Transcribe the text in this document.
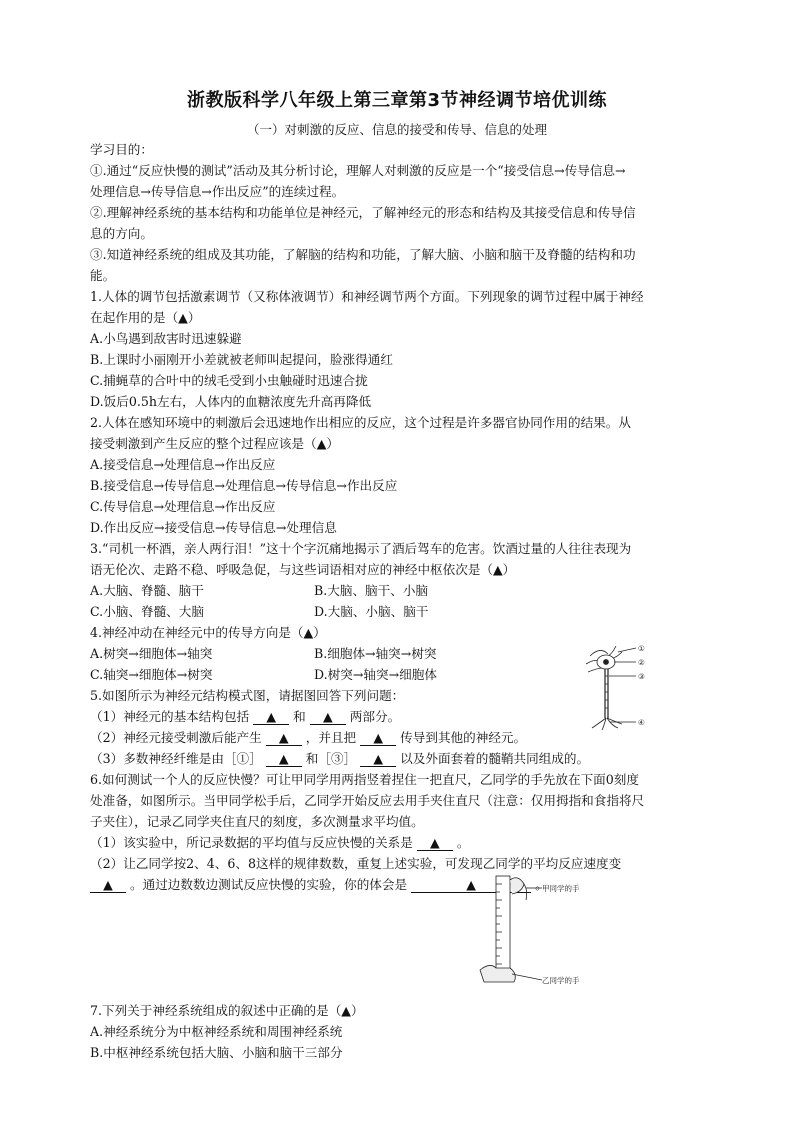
浙教版科学八年级上第三章第3节神经调节培优训练
（一）对刺激的反应、信息的接受和传导、信息的处理
学习目的：
①.通过“反应快慢的测试”活动及其分析讨论，理解人对刺激的反应是一个“接受信息→传导信息→
处理信息→传导信息→作出反应”的连续过程。
②.理解神经系统的基本结构和功能单位是神经元，了解神经元的形态和结构及其接受信息和传导信
息的方向。
③.知道神经系统的组成及其功能，了解脑的结构和功能，了解大脑、小脑和脑干及脊髓的结构和功
能。
1.人体的调节包括激素调节（又称体液调节）和神经调节两个方面。下列现象的调节过程中属于神经
在起作用的是（▲）
A.小鸟遇到敌害时迅速躲避
B.上课时小丽刚开小差就被老师叫起提问，脸涨得通红
C.捕蝇草的合叶中的绒毛受到小虫触碰时迅速合拢
D.饭后0.5h左右，人体内的血糖浓度先升高再降低
2.人体在感知环境中的刺激后会迅速地作出相应的反应，这个过程是许多器官协同作用的结果。从
接受刺激到产生反应的整个过程应该是（▲）
A.接受信息→处理信息→作出反应
B.接受信息→传导信息→处理信息→传导信息→作出反应
C.传导信息→处理信息→作出反应
D.作出反应→接受信息→传导信息→处理信息
3.“司机一杯酒，亲人两行泪！”这十个字沉痛地揭示了酒后驾车的危害。饮酒过量的人往往表现为
语无伦次、走路不稳、呼吸急促，与这些词语相对应的神经中枢依次是（▲）
A.大脑、脊髓、脑干	B.大脑、脑干、小脑
C.小脑、脊髓、大脑	D.大脑、小脑、脑干
4.神经冲动在神经元中的传导方向是（▲）
A.树突→细胞体→轴突	B.细胞体→轴突→树突
C.轴突→细胞体→树突	D.树突→轴突→细胞体
5.如图所示为神经元结构模式图，请据图回答下列问题：
（1）神经元的基本结构包括 ▲ 和 ▲ 两部分。
（2）神经元接受刺激后能产生 ▲ ，并且把 ▲ 传导到其他的神经元。
（3）多数神经纤维是由［①］ ▲ 和［③］ ▲ 以及外面套着的髓鞘共同组成的。
6.如何测试一个人的反应快慢？可让甲同学用两指竖着捏住一把直尺，乙同学的手先放在下面0刻度
处准备，如图所示。当甲同学松手后，乙同学开始反应去用手夹住直尺（注意：仅用拇指和食指将尺
子夹住），记录乙同学夹住直尺的刻度，多次测量求平均值。
（1）该实验中，所记录数据的平均值与反应快慢的关系是 ▲ 。
（2）让乙同学按2、4、6、8这样的规律数数，重复上述实验，可发现乙同学的平均反应速度变
▲ 。通过边数数边测试反应快慢的实验，你的体会是	▲	。
7.下列关于神经系统组成的叙述中正确的是（▲）
A.神经系统分为中枢神经系统和周围神经系统
B.中枢神经系统包括大脑、小脑和脑干三部分
①
②
③
④
甲同学的手
乙同学的手
